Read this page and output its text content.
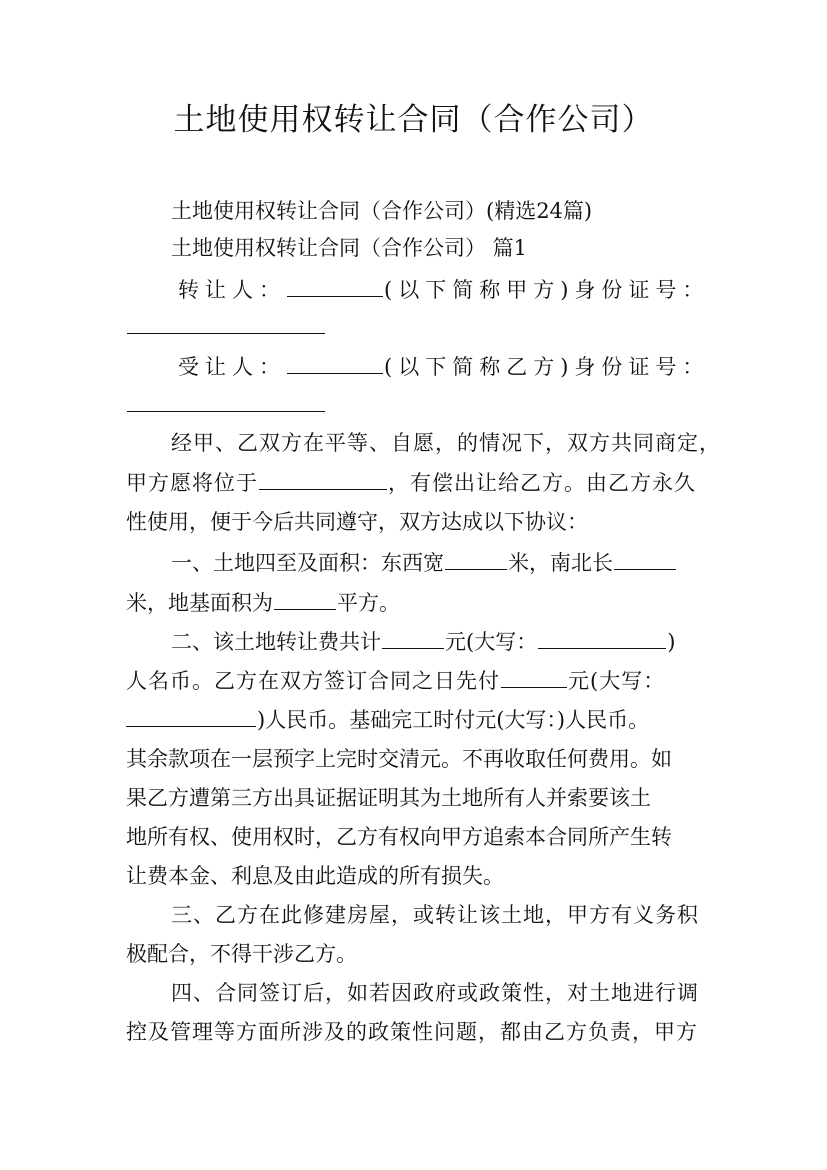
土地使用权转让合同（合作公司）

土地使用权转让合同（合作公司）(精选24篇)

土地使用权转让合同（合作公司） 篇1

转让人：	(以下简称甲方)身份证号：

受让人：	(以下简称乙方)身份证号：

经甲、乙双方在平等、自愿，的情况下，双方共同商定，

甲方愿将位于	，有偿出让给乙方。由乙方永久

性使用，便于今后共同遵守，双方达成以下协议：

一、土地四至及面积：东西宽	米，南北长

米，地基面积为	平方。

二、该土地转让费共计	元(大写：	)

人名币。乙方在双方签订合同之日先付	元(大写：

)人民币。基础完工时付元(大写：)人民币。

其余款项在一层预字上完时交清元。不再收取任何费用。如

果乙方遭第三方出具证据证明其为土地所有人并索要该土

地所有权、使用权时，乙方有权向甲方追索本合同所产生转

让费本金、利息及由此造成的所有损失。

三、乙方在此修建房屋，或转让该土地，甲方有义务积

极配合，不得干涉乙方。

四、合同签订后，如若因政府或政策性，对土地进行调

控及管理等方面所涉及的政策性问题，都由乙方负责，甲方
